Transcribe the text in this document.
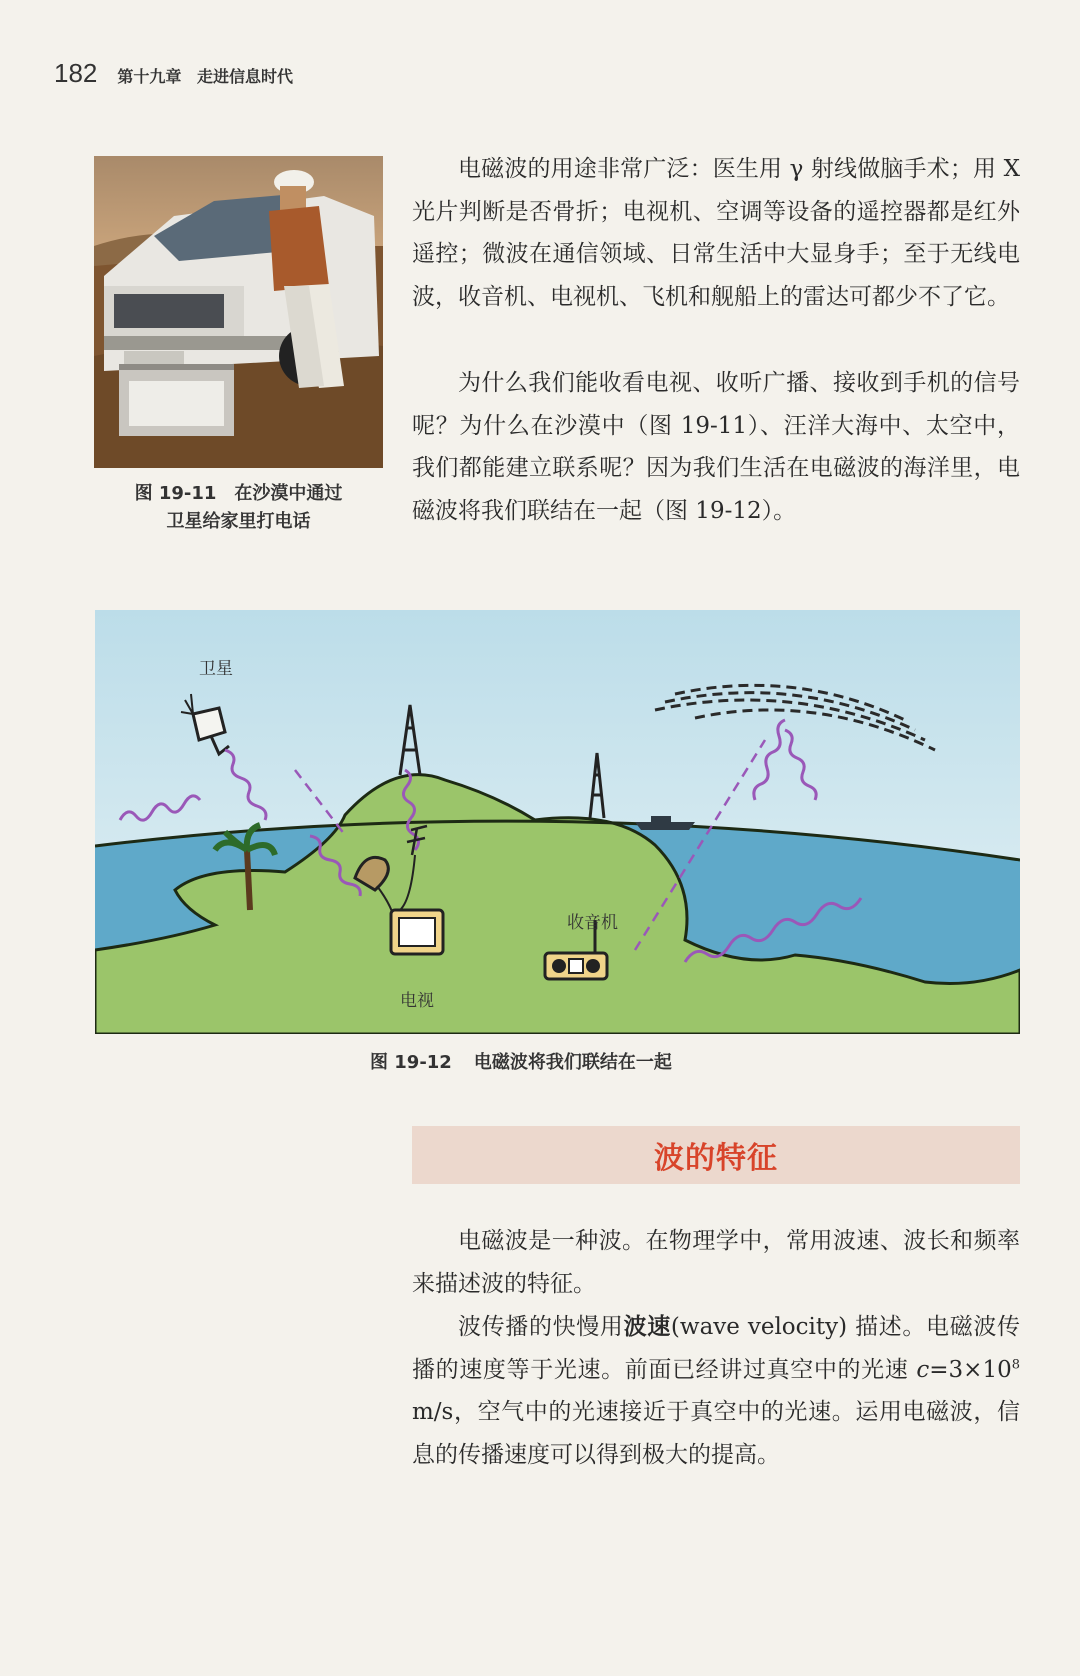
182 第十九章 走进信息时代
图 19-11 在沙漠中通过
卫星给家里打电话

电磁波的用途非常广泛：医生用 γ 射线做脑手术；用 X 光片判断是否骨折；电视机、空调等设备的遥控器都是红外遥控；微波在通信领域、日常生活中大显身手；至于无线电波，收音机、电视机、飞机和舰船上的雷达可都少不了它。

为什么我们能收看电视、收听广播、接收到手机的信号呢？为什么在沙漠中（图 19-11）、汪洋大海中、太空中，我们都能建立联系呢？因为我们生活在电磁波的海洋里，电磁波将我们联结在一起（图 19-12）。

卫星
电视
收音机
图 19-12 电磁波将我们联结在一起
波的特征

电磁波是一种波。在物理学中，常用波速、波长和频率来描述波的特征。

波传播的快慢用波速(wave velocity) 描述。电磁波传播的速度等于光速。前面已经讲过真空中的光速 $c=3\times 10^8$ m/s，空气中的光速接近于真空中的光速。运用电磁波，信息的传播速度可以得到极大的提高。
